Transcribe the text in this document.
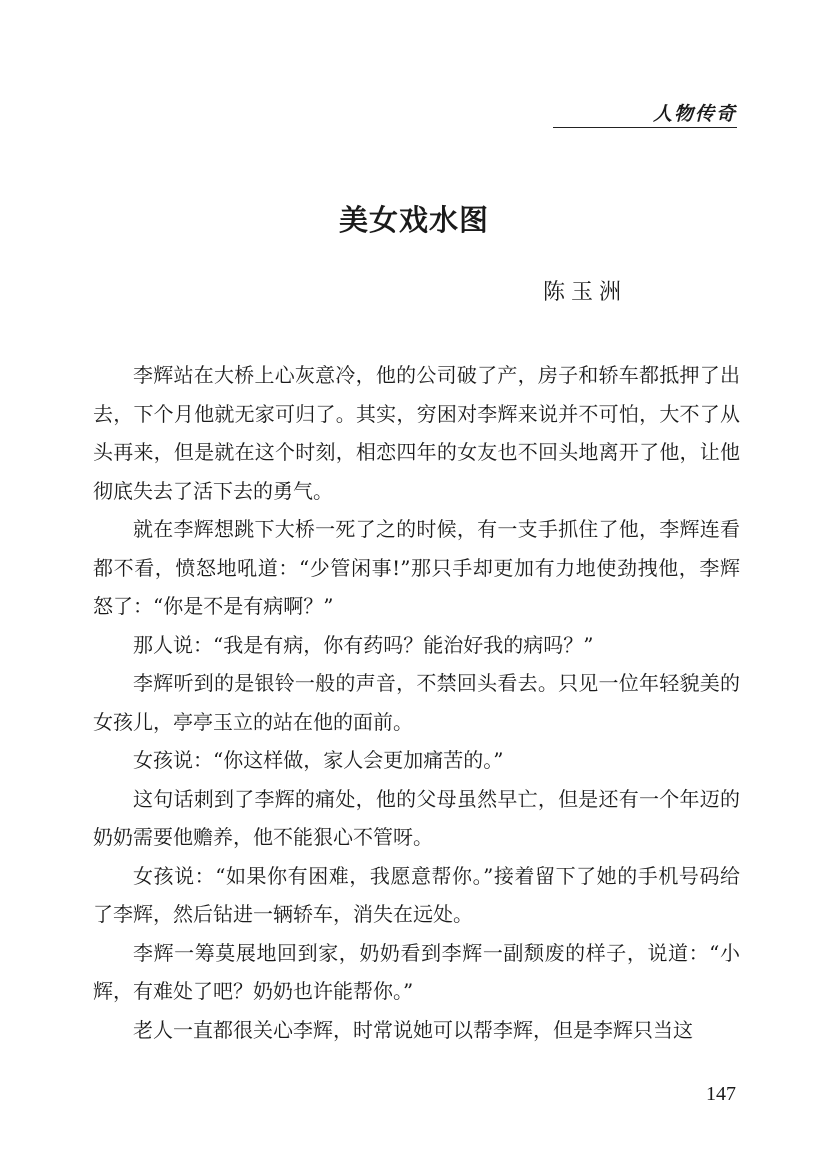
人物传奇
美女戏水图
陈玉洲

李辉站在大桥上心灰意冷，他的公司破了产，房子和轿车都抵押了出去，下个月他就无家可归了。其实，穷困对李辉来说并不可怕，大不了从头再来，但是就在这个时刻，相恋四年的女友也不回头地离开了他，让他彻底失去了活下去的勇气。

就在李辉想跳下大桥一死了之的时候，有一支手抓住了他，李辉连看都不看，愤怒地吼道：“少管闲事!”那只手却更加有力地使劲拽他，李辉怒了：“你是不是有病啊？”

那人说：“我是有病，你有药吗？能治好我的病吗？”

李辉听到的是银铃一般的声音，不禁回头看去。只见一位年轻貌美的女孩儿，亭亭玉立的站在他的面前。

女孩说：“你这样做，家人会更加痛苦的。”

这句话刺到了李辉的痛处，他的父母虽然早亡，但是还有一个年迈的奶奶需要他赡养，他不能狠心不管呀。

女孩说：“如果你有困难，我愿意帮你。”接着留下了她的手机号码给了李辉，然后钻进一辆轿车，消失在远处。

李辉一筹莫展地回到家，奶奶看到李辉一副颓废的样子，说道：“小辉，有难处了吧？奶奶也许能帮你。”

老人一直都很关心李辉，时常说她可以帮李辉，但是李辉只当这

147
